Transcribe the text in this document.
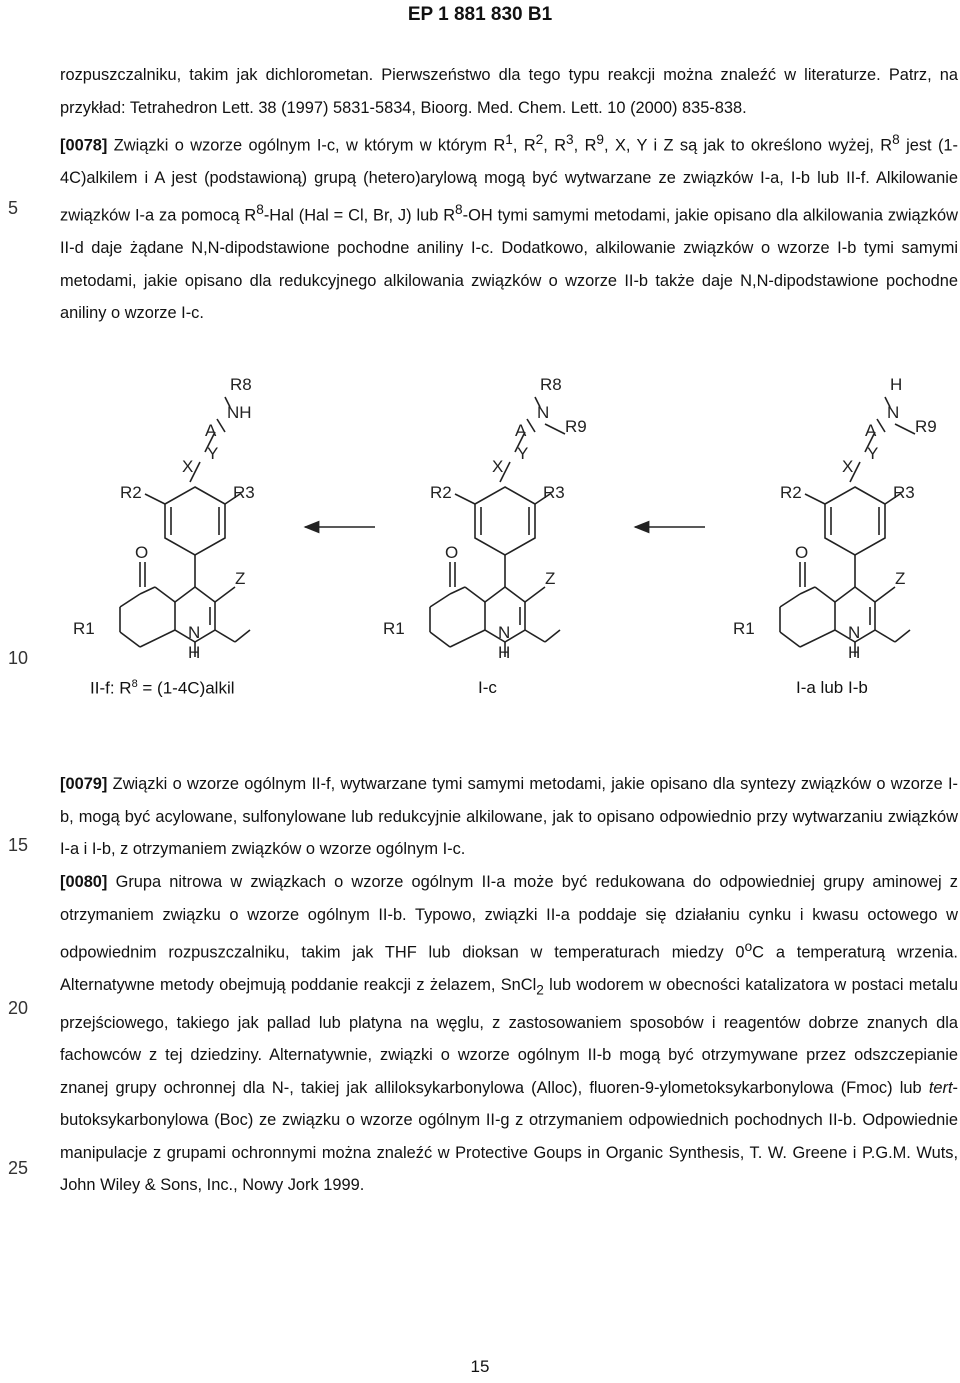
EP 1 881 830 B1

rozpuszczalniku, takim jak dichlorometan. Pierwszeństwo dla tego typu reakcji można znaleźć w literaturze. Patrz, na przykład: Tetrahedron Lett. 38 (1997) 5831-5834, Bioorg. Med. Chem. Lett. 10 (2000) 835-838.

[0078] Związki o wzorze ogólnym I-c, w którym w którym $R^1$, $R^2$, $R^3$, $R^9$, X, Y i Z są jak to określono wyżej, $R^8$ jest (1-4C)alkilem i A jest (podstawioną) grupą (hetero)arylową mogą być wytwarzane ze związków I-a, I-b lub II-f. Alkilowanie związków I-a za pomocą $R^8$-Hal (Hal = Cl, Br, J) lub $R^8-OH$ tymi samymi metodami, jakie opisano dla alkilowania związków II-d daje żądane N,N-dipodstawione pochodne aniliny I-c. Dodatkowo, alkilowanie związków o wzorze I-b tymi samymi metodami, jakie opisano dla redukcyjnego alkilowania związków o wzorze II-b także daje N,N-dipodstawione pochodne aniliny o wzorze I-c.

5
10
15
20
25
R8
NH
A
Y
X
R2	R3
O
Z
R1	N
H
R8
N
R9
A
Y
X
R2	R3
O
Z
R1	N
H
H
N
R9
A
Y
X
R2	R3
O
Z
R1	N
H
II-f: $R^8$ = (1-4C)alkil	I-c	I-a lub I-b

[0079] Związki o wzorze ogólnym II-f, wytwarzane tymi samymi metodami, jakie opisano dla syntezy związków o wzorze I-b, mogą być acylowane, sulfonylowane lub redukcyjnie alkilowane, jak to opisano odpowiednio przy wytwarzaniu związków I-a i I-b, z otrzymaniem związków o wzorze ogólnym I-c.

[0080] Grupa nitrowa w związkach o wzorze ogólnym II-a może być redukowana do odpowiedniej grupy aminowej z otrzymaniem związku o wzorze ogólnym II-b. Typowo, związki II-a poddaje się działaniu cynku i kwasu octowego w odpowiednim rozpuszczalniku, takim jak THF lub dioksan w temperaturach miedzy 0$^o$C a temperaturą wrzenia. Alternatywne metody obejmują poddanie reakcji z żelazem, SnCl$_2$ lub wodorem w obecności katalizatora w postaci metalu przejściowego, takiego jak pallad lub platyna na węglu, z zastosowaniem sposobów i reagentów dobrze znanych dla fachowców z tej dziedziny. Alternatywnie, związki o wzorze ogólnym II-b mogą być otrzymywane przez odszczepianie znanej grupy ochronnej dla N-, takiej jak alliloksykarbonylowa (Alloc), fluoren-9-ylometoksykarbonylowa (Fmoc) lub tert-butoksykarbonylowa (Boc) ze związku o wzorze ogólnym II-g z otrzymaniem odpowiednich pochodnych II-b. Odpowiednie manipulacje z grupami ochronnymi można znaleźć w Protective Goups in Organic Synthesis, T. W. Greene i P.G.M. Wuts, John Wiley & Sons, Inc., Nowy Jork 1999.

15
